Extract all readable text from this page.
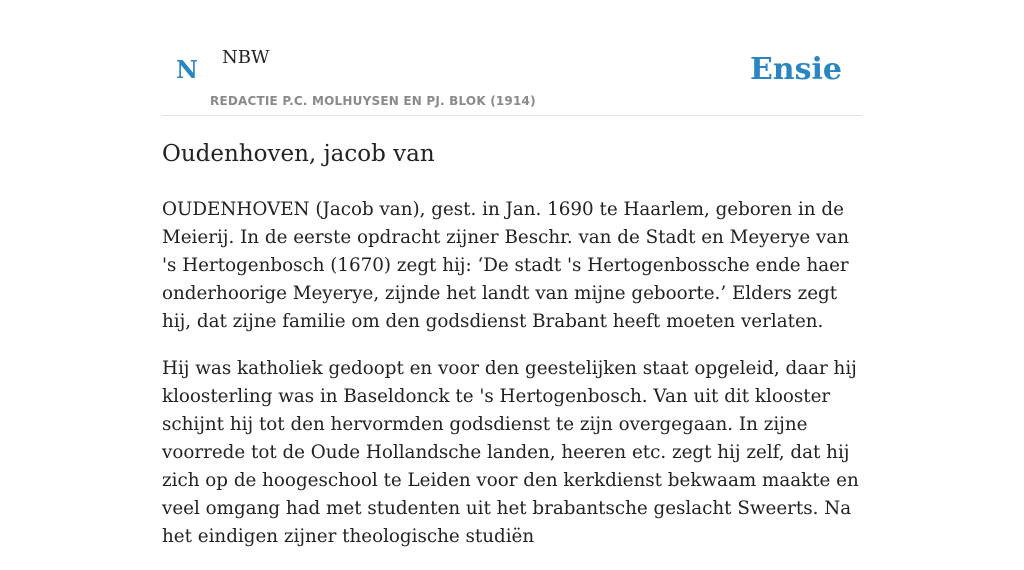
N NBW
REDACTIE P.C. MOLHUYSEN EN PJ. BLOK (1914)
Ensie
Oudenhoven, jacob van

OUDENHOVEN (Jacob van), gest. in Jan. 1690 te Haarlem, geboren in de Meierij. In de eerste opdracht zijner Beschr. van de Stadt en Meyerye van 's Hertogenbosch (1670) zegt hij: ‘De stadt 's Hertogenbossche ende haer onderhoorige Meyerye, zijnde het landt van mijne geboorte.’ Elders zegt hij, dat zijne familie om den godsdienst Brabant heeft moeten verlaten.

Hij was katholiek gedoopt en voor den geestelijken staat opgeleid, daar hij kloosterling was in Baseldonck te 's Hertogenbosch. Van uit dit klooster schijnt hij tot den hervormden godsdienst te zijn overgegaan. In zijne voorrede tot de Oude Hollandsche landen, heeren etc. zegt hij zelf, dat hij zich op de hoogeschool te Leiden voor den kerkdienst bekwaam maakte en veel omgang had met studenten uit het brabantsche geslacht Sweerts. Na het eindigen zijner theologische studiën
